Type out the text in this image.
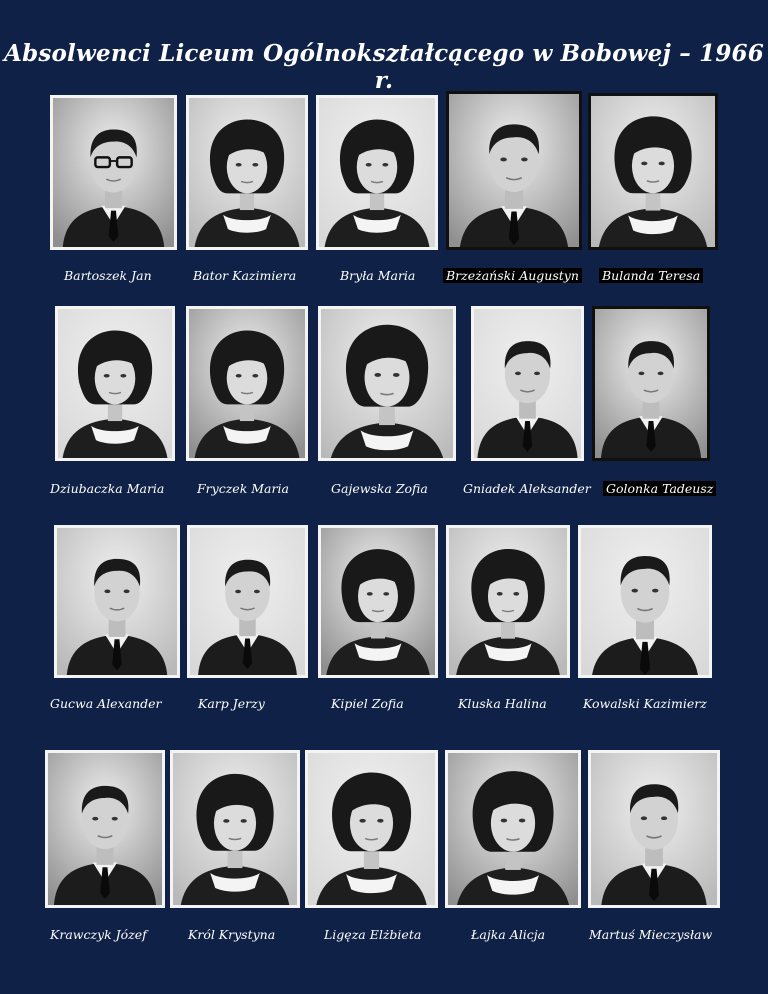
Absolwenci Liceum Ogólnokształcącego w Bobowej – 1966 r.
Bartoszek Jan	Bator Kazimiera	Bryła Maria Brzeżański Augustyn Bulanda Teresa
Dziubaczka Maria	Fryczek Maria	Gajewska Zofia	Gniadek Aleksander Golonka Tadeusz
Gucwa Alexander	Karp Jerzy	Kipiel Zofia	Kluska Halina	Kowalski Kazimierz
Krawczyk Józef	Król Krystyna	Ligęza Elżbieta	Łajka Alicja	Martuś Mieczysław
